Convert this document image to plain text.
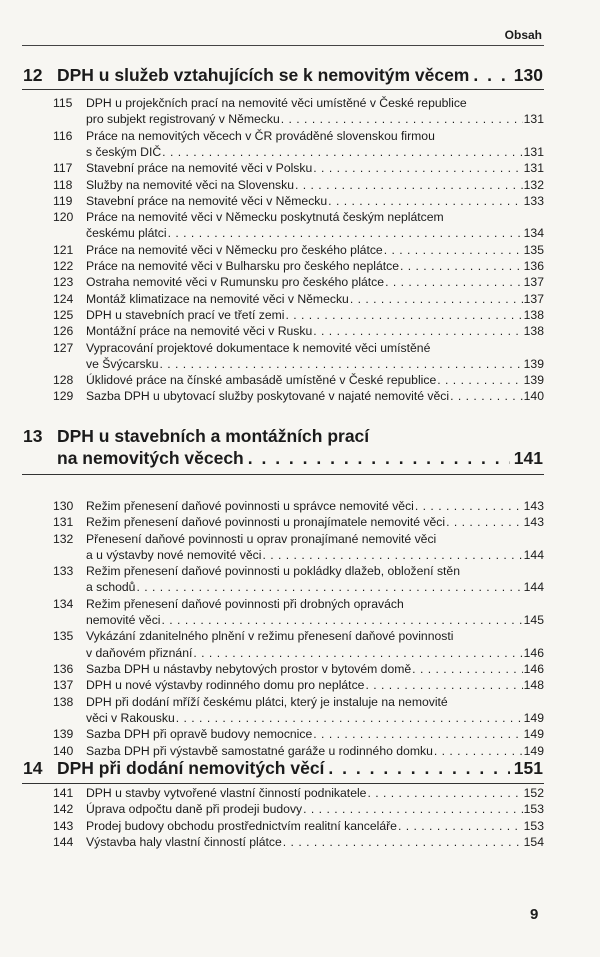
Obsah
12 DPH u služeb vztahujících se k nemovitým věcem . . .	130
115	DPH u projekčních prací na nemovité věci umístěné v České republice
pro subjekt registrovaný v Německu . . .	131
116	Práce na nemovitých věcech v ČR prováděné slovenskou firmou
s českým DIČ . . .	131
117	Stavební práce na nemovité věci v Polsku . . .	131
118	Služby na nemovité věci na Slovensku . . .	132
119	Stavební práce na nemovité věci v Německu . . .	133
120	Práce na nemovité věci v Německu poskytnutá českým neplátcem
českému plátci . . .	134
121	Práce na nemovité věci v Německu pro českého plátce . . .	135
122	Práce na nemovité věci v Bulharsku pro českého neplátce . . .	136
123	Ostraha nemovité věci v Rumunsku pro českého plátce . . .	137
124	Montáž klimatizace na nemovité věci v Německu . . .	137
125	DPH u stavebních prací ve třetí zemi . . .	138
126	Montážní práce na nemovité věci v Rusku . . .	138
127	Vypracování projektové dokumentace k nemovité věci umístěné
ve Švýcarsku . . .	139
128	Úklidové práce na čínské ambasádě umístěné v České republice . . .	139
129	Sazba DPH u ubytovací služby poskytované v najaté nemovité věci . . .	140
13 DPH u stavebních a montážních prací
na nemovitých věcech . . .	141
130	Režim přenesení daňové povinnosti u správce nemovité věci . . .	143
131	Režim přenesení daňové povinnosti u pronajímatele nemovité věci . . .	143
132	Přenesení daňové povinnosti u oprav pronajímané nemovité věci
a u výstavby nové nemovité věci . . .	144
133	Režim přenesení daňové povinnosti u pokládky dlažeb, obložení stěn
a schodů . . .	144
134	Režim přenesení daňové povinnosti při drobných opravách
nemovité věci . . .	145
135	Vykázání zdanitelného plnění v režimu přenesení daňové povinnosti
v daňovém přiznání . . .	146
136	Sazba DPH u nástavby nebytových prostor v bytovém domě . . .	146
137	DPH u nové výstavby rodinného domu pro neplátce . . .	148
138	DPH při dodání mříží českému plátci, který je instaluje na nemovité
věci v Rakousku . . .	149
139	Sazba DPH při opravě budovy nemocnice . . .	149
140	Sazba DPH při výstavbě samostatné garáže u rodinného domku . . .	149
14 DPH při dodání nemovitých věcí . . .	151
141	DPH u stavby vytvořené vlastní činností podnikatele . . .	152
142	Úprava odpočtu daně při prodeji budovy . . .	153
143	Prodej budovy obchodu prostřednictvím realitní kanceláře . . .	153
144	Výstavba haly vlastní činností plátce . . .	154
9
